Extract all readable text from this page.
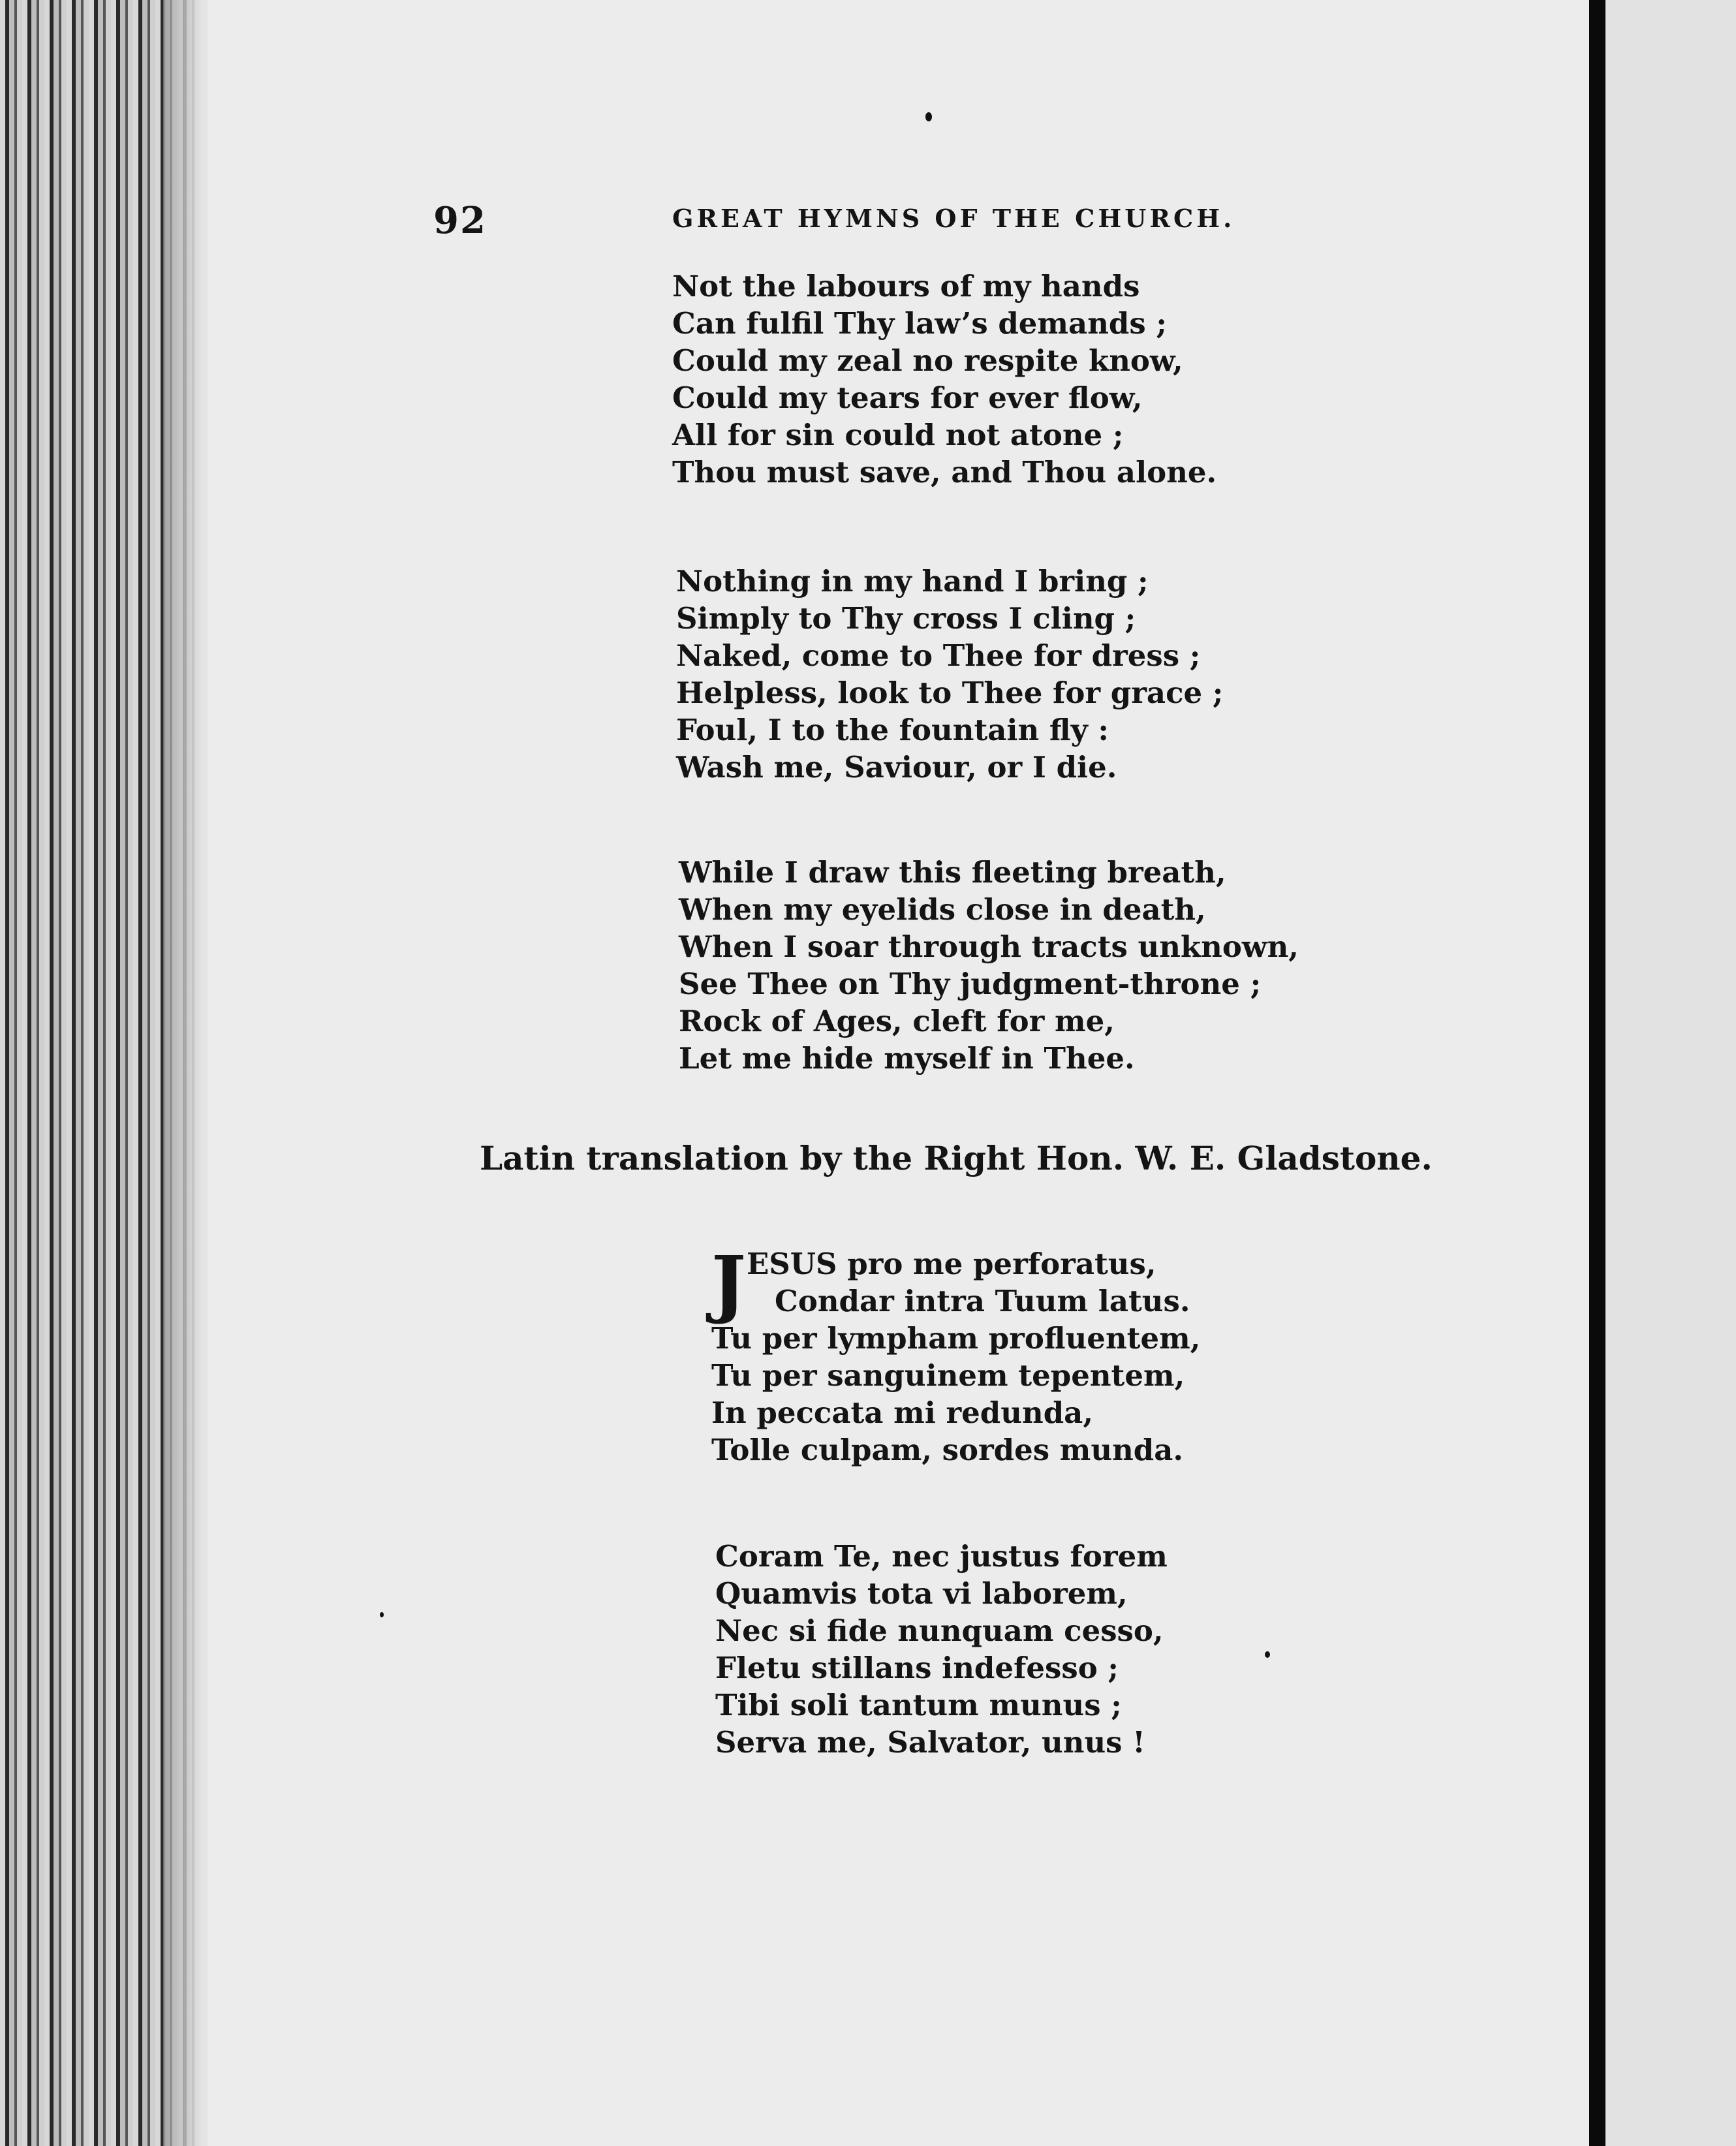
92	GREAT HYMNS OF THE CHURCH.
Not the labours of my hands
Can fulfil Thy law’s demands ;
Could my zeal no respite know,
Could my tears for ever flow,
All for sin could not atone ;
Thou must save, and Thou alone.
Nothing in my hand I bring ;
Simply to Thy cross I cling ;
Naked, come to Thee for dress ;
Helpless, look to Thee for grace ;
Foul, I to the fountain fly :
Wash me, Saviour, or I die.
While I draw this fleeting breath,
When my eyelids close in death,
When I soar through tracts unknown,
See Thee on Thy judgment-throne ;
Rock of Ages, cleft for me,
Let me hide myself in Thee.
Latin translation by the Right Hon. W. E. Gladstone.
J ESUS pro me perforatus,
Condar intra Tuum latus.
Tu per lympham profluentem,
Tu per sanguinem tepentem,
In peccata mi redunda,
Tolle culpam, sordes munda.
Coram Te, nec justus forem
Quamvis tota vi laborem,
Nec si fide nunquam cesso,
Fletu stillans indefesso ;
Tibi soli tantum munus ;
Serva me, Salvator, unus !
